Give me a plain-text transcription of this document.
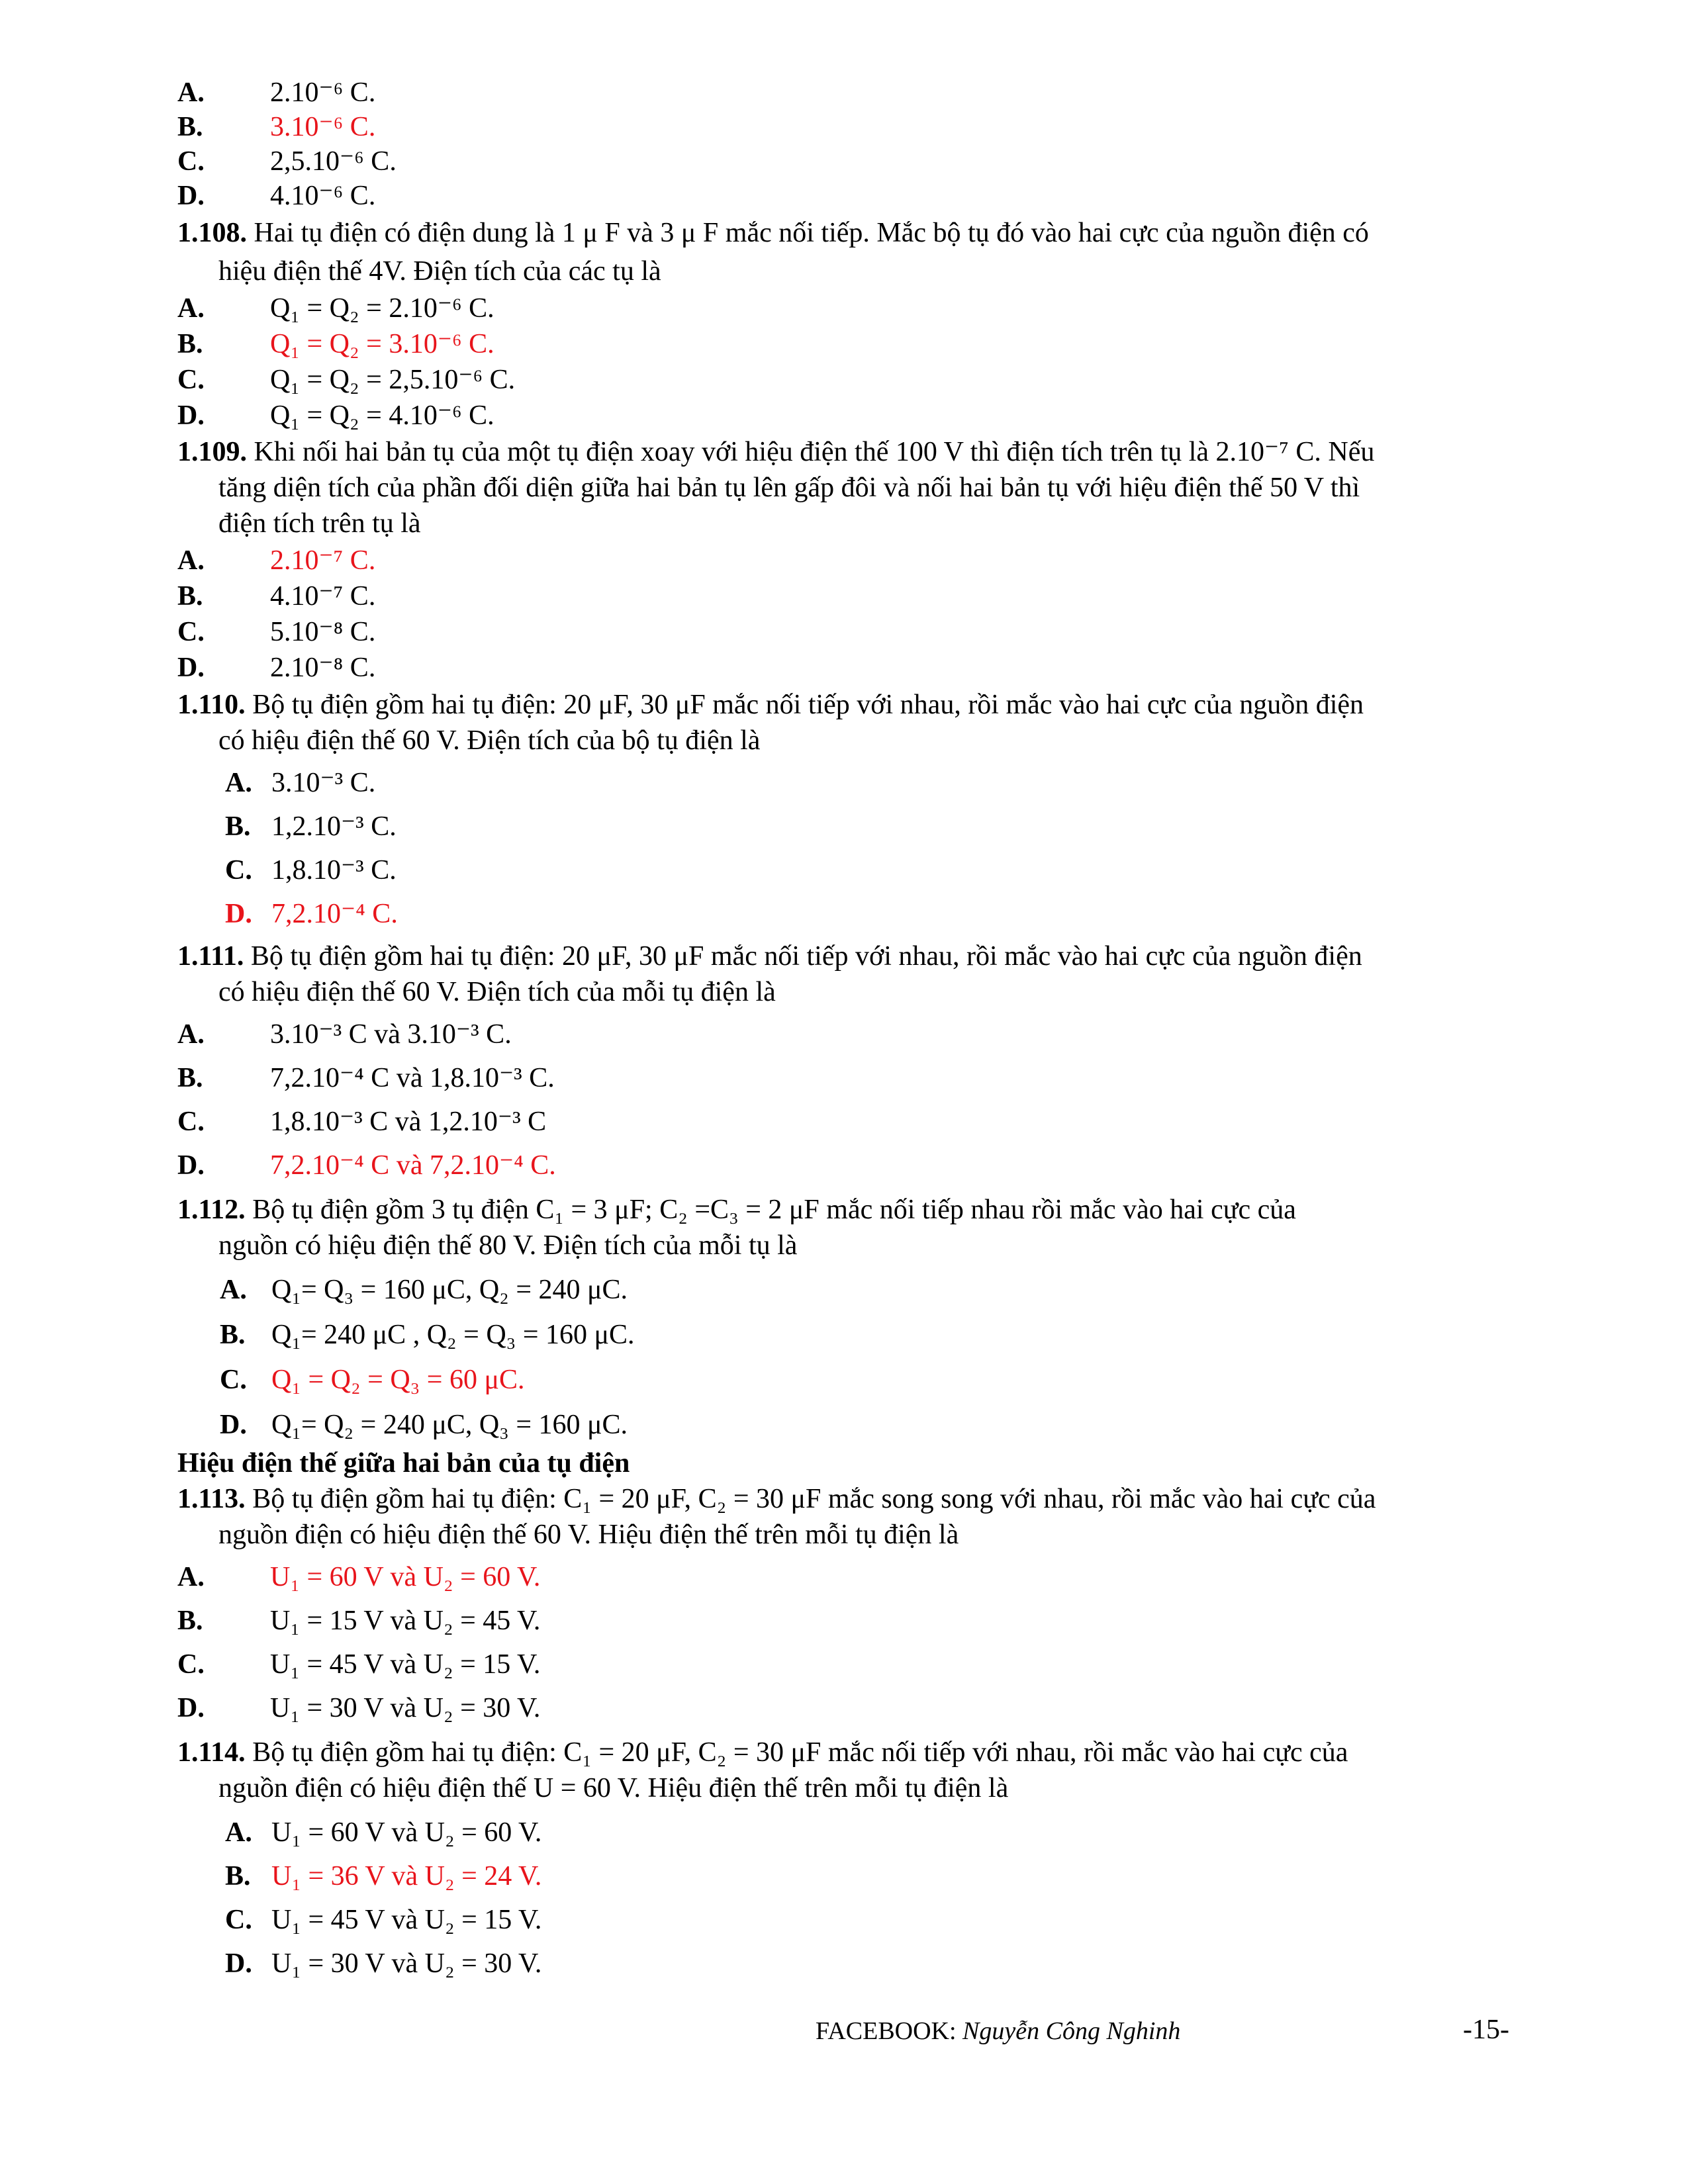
A. 2.10⁻⁶ C.
B. 3.10⁻⁶ C.
C. 2,5.10⁻⁶ C.
D. 4.10⁻⁶ C.
1.108. Hai tụ điện có điện dung là 1 μ F và 3 μ F mắc nối tiếp. Mắc bộ tụ đó vào hai cực của nguồn điện có
hiệu điện thế 4V. Điện tích của các tụ là
A. Q₁ = Q₂ = 2.10⁻⁶ C.
B. Q₁ = Q₂ = 3.10⁻⁶ C.
C. Q₁ = Q₂ = 2,5.10⁻⁶ C.
D. Q₁ = Q₂ = 4.10⁻⁶ C.
1.109. Khi nối hai bản tụ của một tụ điện xoay với hiệu điện thế 100 V thì điện tích trên tụ là 2.10⁻⁷ C. Nếu
tăng diện tích của phần đối diện giữa hai bản tụ lên gấp đôi và nối hai bản tụ với hiệu điện thế 50 V thì
điện tích trên tụ là
A. 2.10⁻⁷ C.
B. 4.10⁻⁷ C.
C. 5.10⁻⁸ C.
D. 2.10⁻⁸ C.
1.110. Bộ tụ điện gồm hai tụ điện: 20 μF, 30 μF mắc nối tiếp với nhau, rồi mắc vào hai cực của nguồn điện
có hiệu điện thế 60 V. Điện tích của bộ tụ điện là
A. 3.10⁻³ C.
B. 1,2.10⁻³ C.
C. 1,8.10⁻³ C.
D. 7,2.10⁻⁴ C.
1.111. Bộ tụ điện gồm hai tụ điện: 20 μF, 30 μF mắc nối tiếp với nhau, rồi mắc vào hai cực của nguồn điện
có hiệu điện thế 60 V. Điện tích của mỗi tụ điện là
A. 3.10⁻³ C và 3.10⁻³ C.
B. 7,2.10⁻⁴ C và 1,8.10⁻³ C.
C. 1,8.10⁻³ C và 1,2.10⁻³ C
D. 7,2.10⁻⁴ C và 7,2.10⁻⁴ C.
1.112. Bộ tụ điện gồm 3 tụ điện C₁ = 3 μF; C₂ =C₃ = 2 μF mắc nối tiếp nhau rồi mắc vào hai cực của
nguồn có hiệu điện thế 80 V. Điện tích của mỗi tụ là
A. Q₁= Q₃ = 160 μC, Q₂ = 240 μC.
B. Q₁= 240 μC , Q₂ = Q₃ = 160 μC.
C. Q₁ = Q₂ = Q₃ = 60 μC.
D. Q₁= Q₂ = 240 μC, Q₃ = 160 μC.
Hiệu điện thế giữa hai bản của tụ điện
1.113. Bộ tụ điện gồm hai tụ điện: C₁ = 20 μF, C₂ = 30 μF mắc song song với nhau, rồi mắc vào hai cực của
nguồn điện có hiệu điện thế 60 V. Hiệu điện thế trên mỗi tụ điện là
A. U₁ = 60 V và U₂ = 60 V.
B. U₁ = 15 V và U₂ = 45 V.
C. U₁ = 45 V và U₂ = 15 V.
D. U₁ = 30 V và U₂ = 30 V.
1.114. Bộ tụ điện gồm hai tụ điện: C₁ = 20 μF, C₂ = 30 μF mắc nối tiếp với nhau, rồi mắc vào hai cực của
nguồn điện có hiệu điện thế U = 60 V. Hiệu điện thế trên mỗi tụ điện là
A. U₁ = 60 V và U₂ = 60 V.
B. U₁ = 36 V và U₂ = 24 V.
C. U₁ = 45 V và U₂ = 15 V.
D. U₁ = 30 V và U₂ = 30 V.
FACEBOOK: Nguyễn Công Nghinh	-15-
